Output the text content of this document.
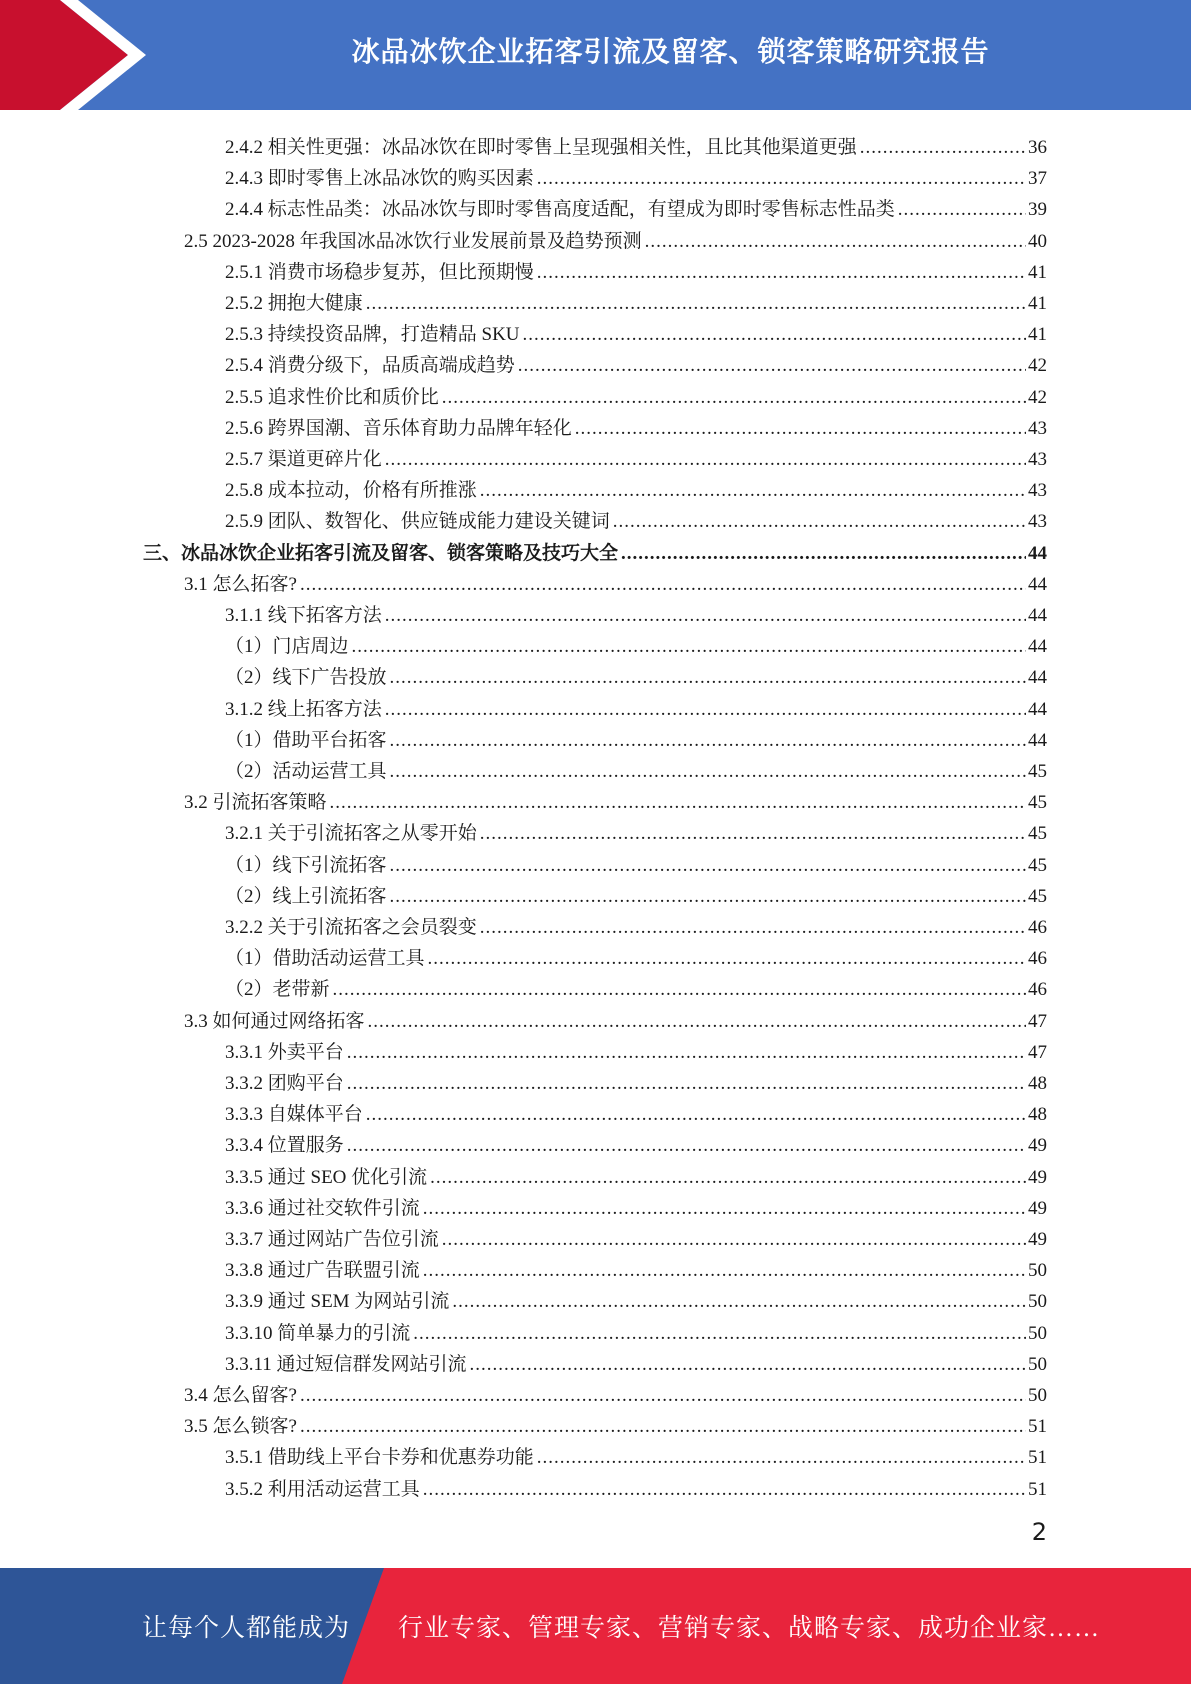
冰品冰饮企业拓客引流及留客、锁客策略研究报告
2.4.2 相关性更强：冰品冰饮在即时零售上呈现强相关性，且比其他渠道更强 .....	36
2.4.3 即时零售上冰品冰饮的购买因素 .....	37
2.4.4 标志性品类：冰品冰饮与即时零售高度适配，有望成为即时零售标志性品类 .....	39
2.5 2023-2028 年我国冰品冰饮行业发展前景及趋势预测 .....	40
2.5.1 消费市场稳步复苏，但比预期慢 .....	41
2.5.2 拥抱大健康 .....	41
2.5.3 持续投资品牌，打造精品 SKU .....	41
2.5.4 消费分级下，品质高端成趋势 .....	42
2.5.5 追求性价比和质价比 .....	42
2.5.6 跨界国潮、音乐体育助力品牌年轻化 .....	43
2.5.7 渠道更碎片化 .....	43
2.5.8 成本拉动，价格有所推涨 .....	43
2.5.9 团队、数智化、供应链成能力建设关键词 .....	43
三、冰品冰饮企业拓客引流及留客、锁客策略及技巧大全 .....	44
3.1 怎么拓客? .....	44
3.1.1 线下拓客方法 .....	44
（1）门店周边 .....	44
（2）线下广告投放 .....	44
3.1.2 线上拓客方法 .....	44
（1）借助平台拓客 .....	44
（2）活动运营工具 .....	45
3.2 引流拓客策略 .....	45
3.2.1 关于引流拓客之从零开始 .....	45
（1）线下引流拓客 .....	45
（2）线上引流拓客 .....	45
3.2.2 关于引流拓客之会员裂变 .....	46
（1）借助活动运营工具 .....	46
（2）老带新 .....	46
3.3 如何通过网络拓客 .....	47
3.3.1 外卖平台 .....	47
3.3.2 团购平台 .....	48
3.3.3 自媒体平台 .....	48
3.3.4 位置服务 .....	49
3.3.5 通过 SEO 优化引流 .....	49
3.3.6 通过社交软件引流 .....	49
3.3.7 通过网站广告位引流 .....	49
3.3.8 通过广告联盟引流 .....	50
3.3.9 通过 SEM 为网站引流 .....	50
3.3.10 简单暴力的引流 .....	50
3.3.11 通过短信群发网站引流 .....	50
3.4 怎么留客? .....	50
3.5 怎么锁客? .....	51
3.5.1 借助线上平台卡券和优惠券功能 .....	51
3.5.2 利用活动运营工具 .....	51
2
让每个人都能成为 行业专家、管理专家、营销专家、战略专家、成功企业家……
